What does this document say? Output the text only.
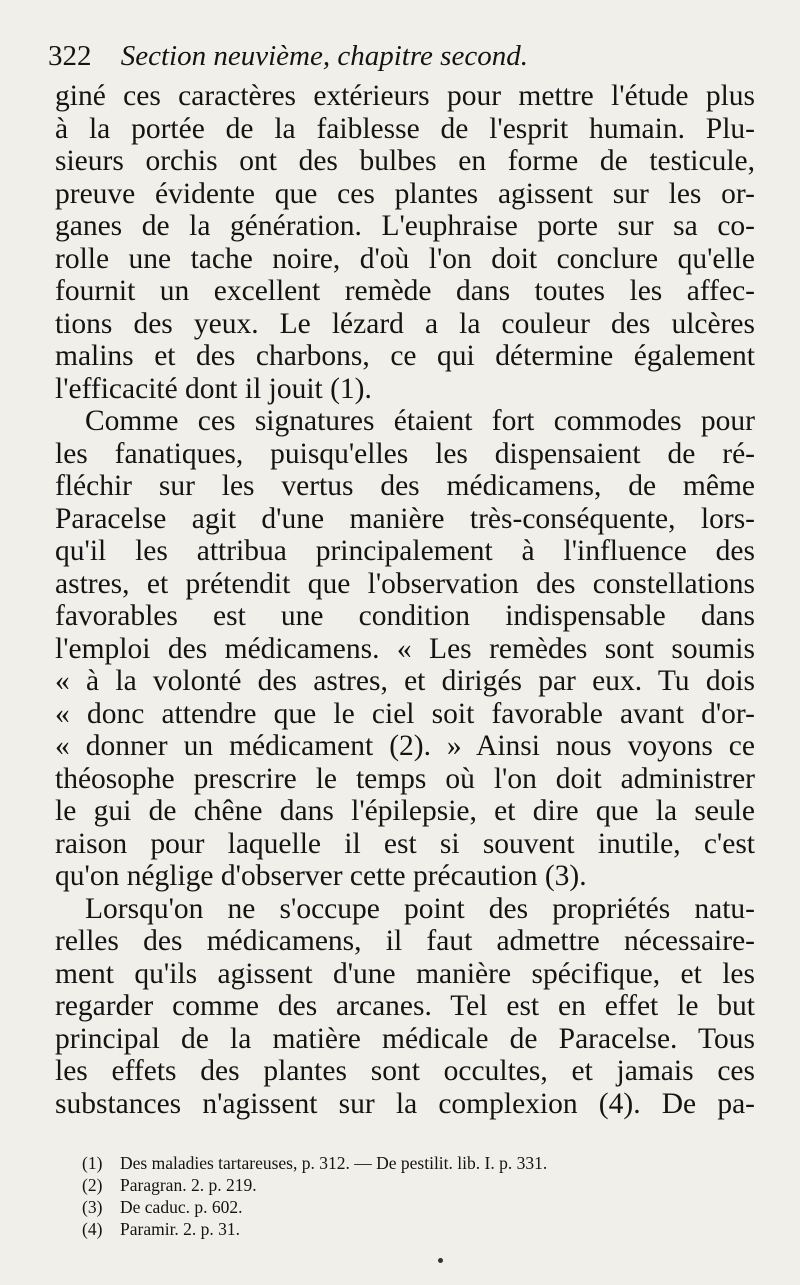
322 Section neuvième, chapitre second.
giné ces caractères extérieurs pour mettre l'étude plus
à la portée de la faiblesse de l'esprit humain. Plu-
sieurs orchis ont des bulbes en forme de testicule,
preuve évidente que ces plantes agissent sur les or-
ganes de la génération. L'euphraise porte sur sa co-
rolle une tache noire, d'où l'on doit conclure qu'elle
fournit un excellent remède dans toutes les affec-
tions des yeux. Le lézard a la couleur des ulcères
malins et des charbons, ce qui détermine également
l'efficacité dont il jouit (1).
Comme ces signatures étaient fort commodes pour
les fanatiques, puisqu'elles les dispensaient de ré-
fléchir sur les vertus des médicamens, de même
Paracelse agit d'une manière très-conséquente, lors-
qu'il les attribua principalement à l'influence des
astres, et prétendit que l'observation des constellations
favorables est une condition indispensable dans
l'emploi des médicamens. « Les remèdes sont soumis
« à la volonté des astres, et dirigés par eux. Tu dois
« donc attendre que le ciel soit favorable avant d'or-
« donner un médicament (2). » Ainsi nous voyons ce
théosophe prescrire le temps où l'on doit administrer
le gui de chêne dans l'épilepsie, et dire que la seule
raison pour laquelle il est si souvent inutile, c'est
qu'on néglige d'observer cette précaution (3).
Lorsqu'on ne s'occupe point des propriétés natu-
relles des médicamens, il faut admettre nécessaire-
ment qu'ils agissent d'une manière spécifique, et les
regarder comme des arcanes. Tel est en effet le but
principal de la matière médicale de Paracelse. Tous
les effets des plantes sont occultes, et jamais ces
substances n'agissent sur la complexion (4). De pa-
(1) Des maladies tartareuses, p. 312. — De pestilit. lib. I. p. 331.
(2) Paragran. 2. p. 219.
(3) De caduc. p. 602.
(4) Paramir. 2. p. 31.
